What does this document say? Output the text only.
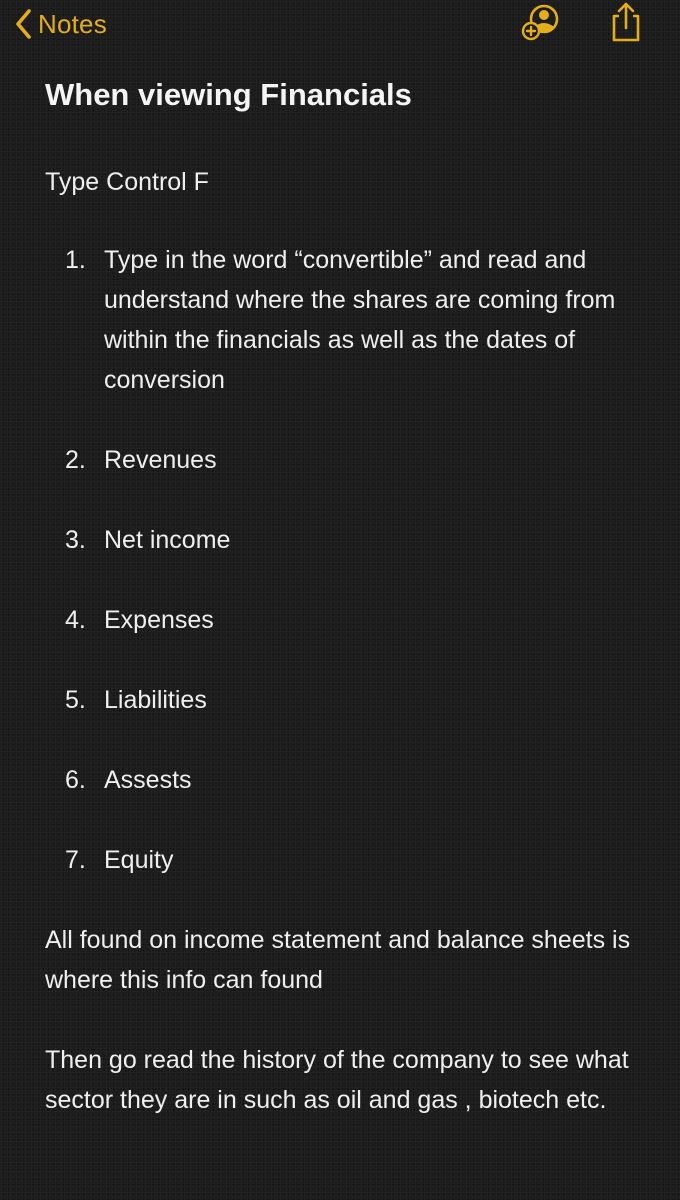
Notes
When viewing Financials

Type Control F

1. Type in the word “convertible” and read and understand where the shares are coming from within the financials as well as the dates of conversion
2. Revenues
3. Net income
4. Expenses
5. Liabilities
6. Assests
7. Equity

All found on income statement and balance sheets is where this info can found

Then go read the history of the company to see what sector they are in such as oil and gas , biotech etc.
